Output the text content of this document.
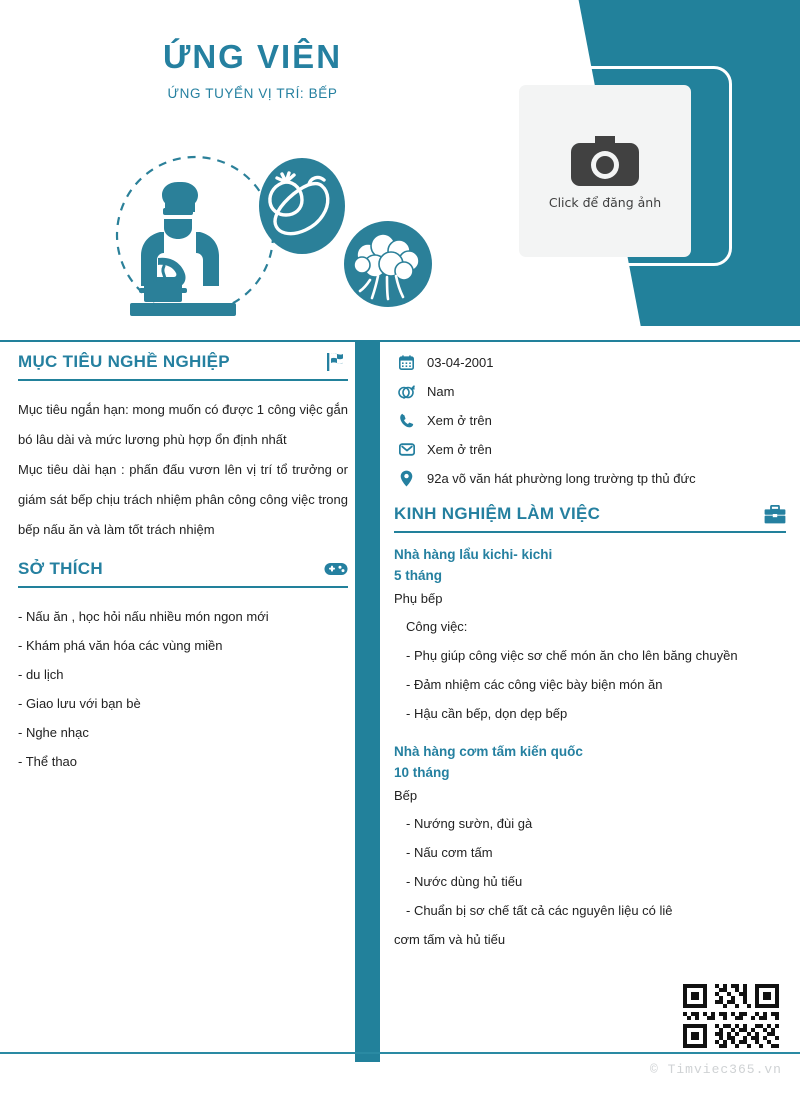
ỨNG VIÊN
ỨNG TUYỂN VỊ TRÍ: BẾP
Click để đăng ảnh
MỤC TIÊU NGHỀ NGHIỆP

Mục tiêu ngắn hạn: mong muốn có được 1 công việc gắn bó lâu dài và mức lương phù hợp ổn định nhất

Mục tiêu dài hạn : phấn đấu vươn lên vị trí tổ trưởng or giám sát bếp chịu trách nhiệm phân công công việc trong bếp nấu ăn và làm tốt trách nhiệm

SỞ THÍCH

- Nấu ăn , học hỏi nấu nhiều món ngon mới

- Khám phá văn hóa các vùng miền

- du lịch

- Giao lưu với bạn bè

- Nghe nhạc

- Thể thao

03-04-2001
Nam
Xem ở trên
Xem ở trên
92a võ văn hát phường long trường tp thủ đức
KINH NGHIỆM LÀM VIỆC
Nhà hàng lẩu kichi- kichi
5 tháng
Phụ bếp
Công việc:
- Phụ giúp công việc sơ chế món ăn cho lên băng chuyền
- Đảm nhiệm các công việc bày biện món ăn
- Hậu cần bếp, dọn dẹp bếp
Nhà hàng cơm tấm kiến quốc
10 tháng
Bếp
- Nướng sườn, đùi gà
- Nấu cơm tấm
- Nước dùng hủ tiếu
- Chuẩn bị sơ chế tất cả các nguyên liệu có liê
cơm tấm và hủ tiếu
© Timviec365.vn
